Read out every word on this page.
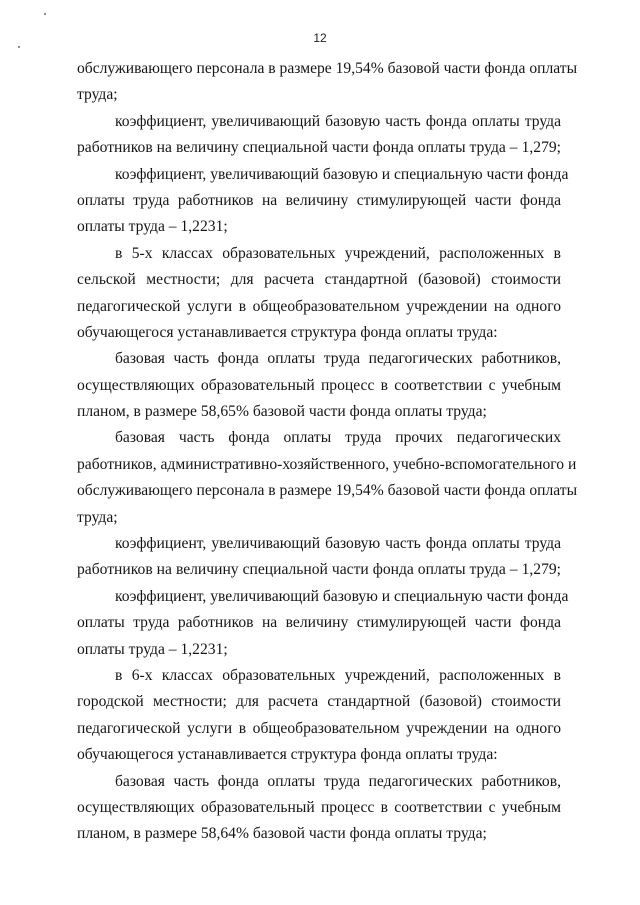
12
обслуживающего персонала в размере 19,54% базовой части фонда оплаты
труда;
коэффициент, увеличивающий базовую часть фонда оплаты труда
работников на величину специальной части фонда оплаты труда – 1,279;
коэффициент, увеличивающий базовую и специальную части фонда
оплаты труда работников на величину стимулирующей части фонда
оплаты труда – 1,2231;
в 5-х классах образовательных учреждений, расположенных в
сельской местности; для расчета стандартной (базовой) стоимости
педагогической услуги в общеобразовательном учреждении на одного
обучающегося устанавливается структура фонда оплаты труда:
базовая часть фонда оплаты труда педагогических работников,
осуществляющих образовательный процесс в соответствии с учебным
планом, в размере 58,65% базовой части фонда оплаты труда;
базовая часть фонда оплаты труда прочих педагогических
работников, административно-хозяйственного, учебно-вспомогательного и
обслуживающего персонала в размере 19,54% базовой части фонда оплаты
труда;
коэффициент, увеличивающий базовую часть фонда оплаты труда
работников на величину специальной части фонда оплаты труда – 1,279;
коэффициент, увеличивающий базовую и специальную части фонда
оплаты труда работников на величину стимулирующей части фонда
оплаты труда – 1,2231;
в 6-х классах образовательных учреждений, расположенных в
городской местности; для расчета стандартной (базовой) стоимости
педагогической услуги в общеобразовательном учреждении на одного
обучающегося устанавливается структура фонда оплаты труда:
базовая часть фонда оплаты труда педагогических работников,
осуществляющих образовательный процесс в соответствии с учебным
планом, в размере 58,64% базовой части фонда оплаты труда;
